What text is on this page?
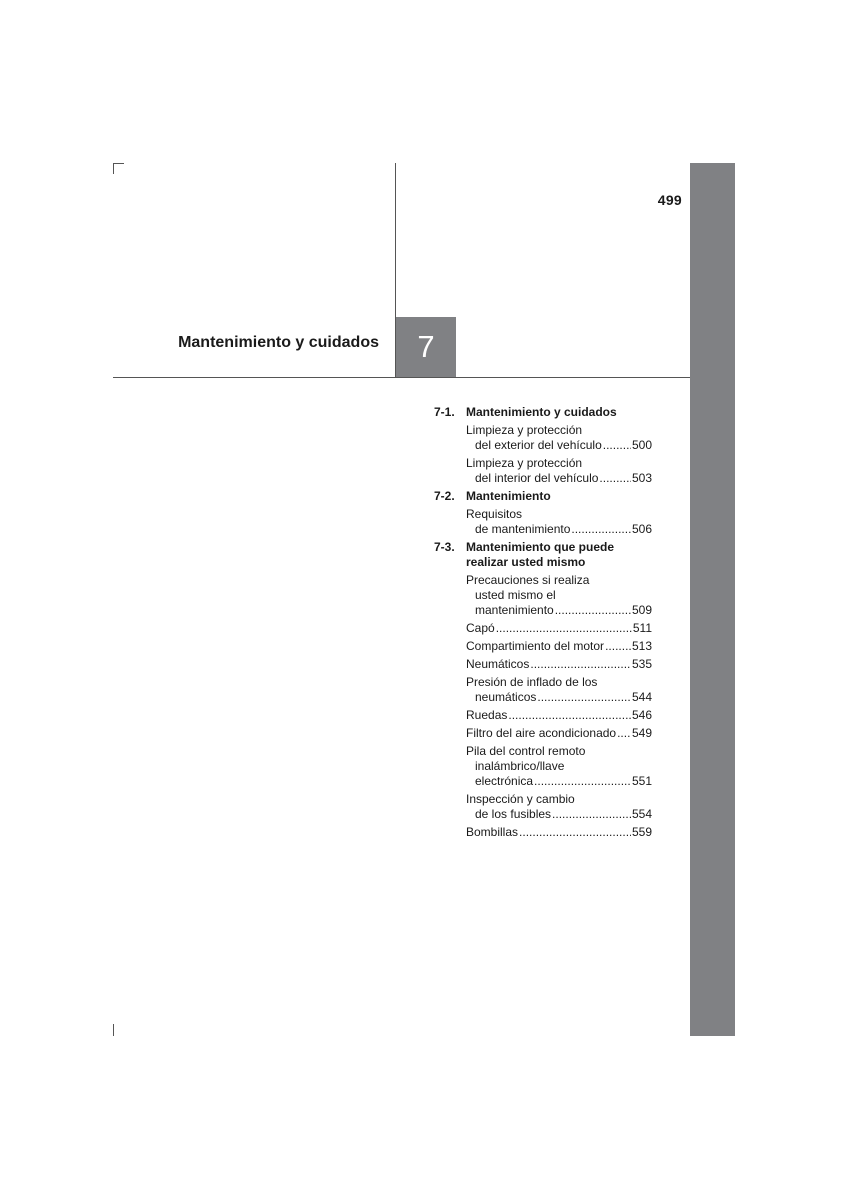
499
Mantenimiento y cuidados	7
7-1. Mantenimiento y cuidados
Limpieza y protección
del exterior del vehículo .....	500
Limpieza y protección
del interior del vehículo .....	503
7-2. Mantenimiento
Requisitos
de mantenimiento .....	506
7-3. Mantenimiento que puede
realizar usted mismo
Precauciones si realiza
usted mismo el
mantenimiento .....	509
Capó .....	511
Compartimiento del motor ..... 513
Neumáticos .....	535
Presión de inflado de los
neumáticos .....	544
Ruedas .....	546
Filtro del aire acondicionado ..... 549
Pila del control remoto
inalámbrico/llave
electrónica .....	551
Inspección y cambio
de los fusibles .....	554
Bombillas .....	559
